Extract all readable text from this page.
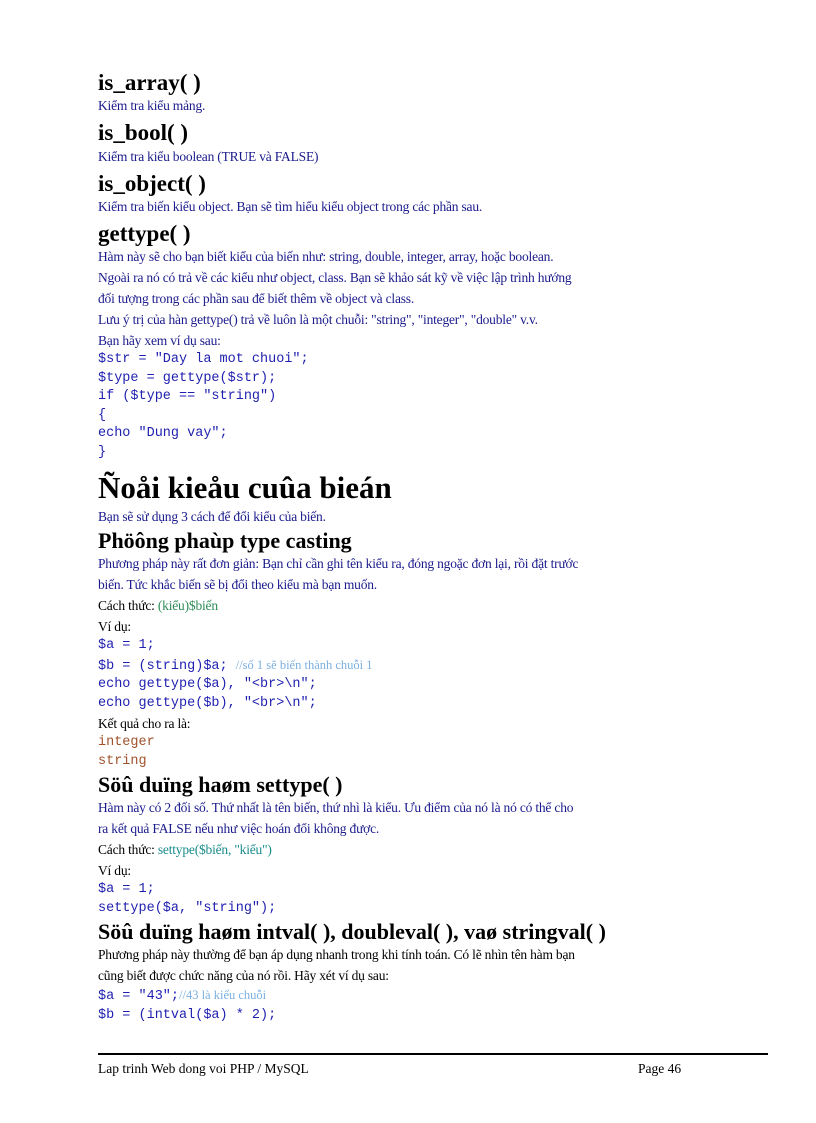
is_array( )

Kiểm tra kiểu mảng.

is_bool( )

Kiểm tra kiểu boolean (TRUE và FALSE)

is_object( )

Kiểm tra biến kiểu object. Bạn sẽ tìm hiểu kiểu object trong các phần sau.

gettype( )

Hàm này sẽ cho bạn biết kiểu của biến như: string, double, integer, array, hoặc boolean.

Ngoài ra nó có trả về các kiểu như object, class. Bạn sẽ khảo sát kỹ về việc lập trình hướng

đối tượng trong các phần sau để biết thêm về object và class.

Lưu ý trị của hàn gettype() trả về luôn là một chuỗi: "string", "integer", "double" v.v.

Bạn hãy xem ví dụ sau:

$str = "Day la mot chuoi";

$type = gettype($str);

if ($type == "string")

{

echo "Dung vay";

}

Ñoåi kieåu cuûa bieán

Bạn sẽ sử dụng 3 cách để đổi kiểu của biến.

Phöông phaùp type casting

Phương pháp này rất đơn giản: Bạn chỉ cần ghi tên kiểu ra, đóng ngoặc đơn lại, rồi đặt trước

biến. Tức khắc biến sẽ bị đổi theo kiểu mà bạn muốn.

Cách thức: (kiểu)$biến

Ví dụ:

$a = 1;

$b = (string)$a; //số 1 sẽ biến thành chuỗi 1

echo gettype($a), "<br>\n";

echo gettype($b), "<br>\n";

Kết quả cho ra là:

integer

string

Söû duïng haøm settype( )

Hàm này có 2 đối số. Thứ nhất là tên biến, thứ nhì là kiểu. Ưu điểm của nó là nó có thể cho

ra kết quả FALSE nếu như việc hoán đổi không được.

Cách thức: settype($biến, "kiểu")

Ví dụ:

$a = 1;

settype($a, "string");

Söû duïng haøm intval( ), doubleval( ), vaø stringval( )

Phương pháp này thường để bạn áp dụng nhanh trong khi tính toán. Có lẽ nhìn tên hàm bạn

cũng biết được chức năng của nó rồi. Hãy xét ví dụ sau:

$a = "43";//43 là kiểu chuỗi

$b = (intval($a) * 2);

Lap trinh Web dong voi PHP / MySQL	Page 46
